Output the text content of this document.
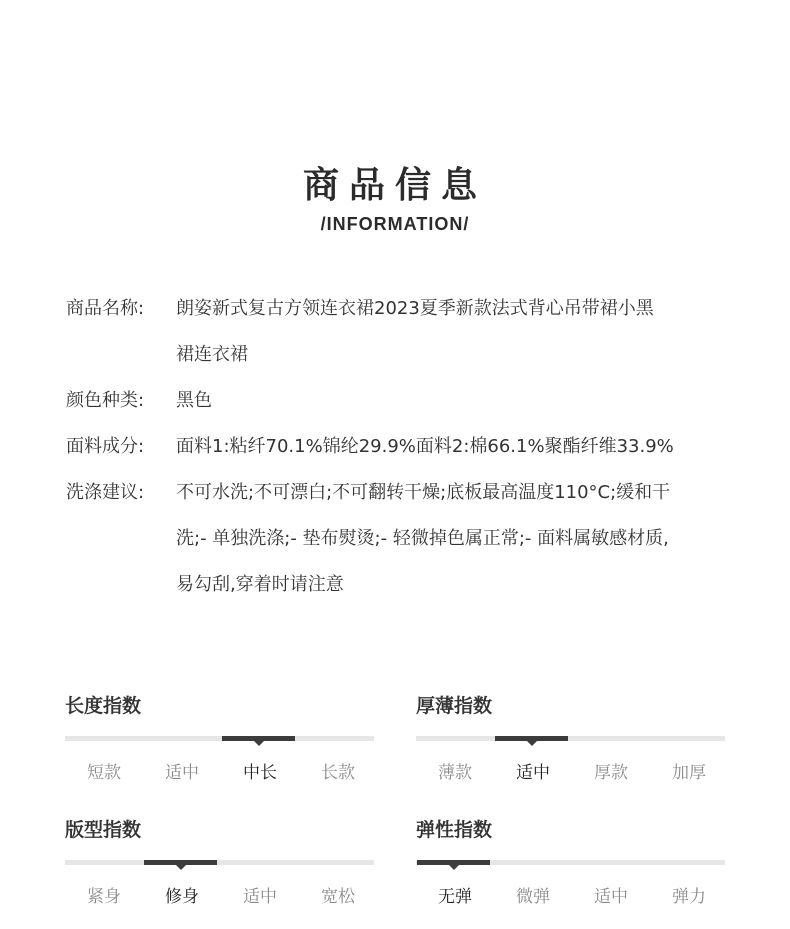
商品信息
/INFORMATION/
商品名称:	朗姿新式复古方领连衣裙2023夏季新款法式背心吊带裙小黑
裙连衣裙
颜色种类:	黑色
面料成分:	面料1:粘纤70.1%锦纶29.9%面料2:棉66.1%聚酯纤维33.9%
洗涤建议:	不可水洗;不可漂白;不可翻转干燥;底板最高温度110°C;缓和干
洗;- 单独洗涤;- 垫布熨烫;- 轻微掉色属正常;- 面料属敏感材质,
易勾刮,穿着时请注意
长度指数
短款	适中	中长	长款
厚薄指数
薄款	适中	厚款	加厚
版型指数
紧身	修身	适中	宽松
弹性指数
无弹	微弹	适中	弹力
